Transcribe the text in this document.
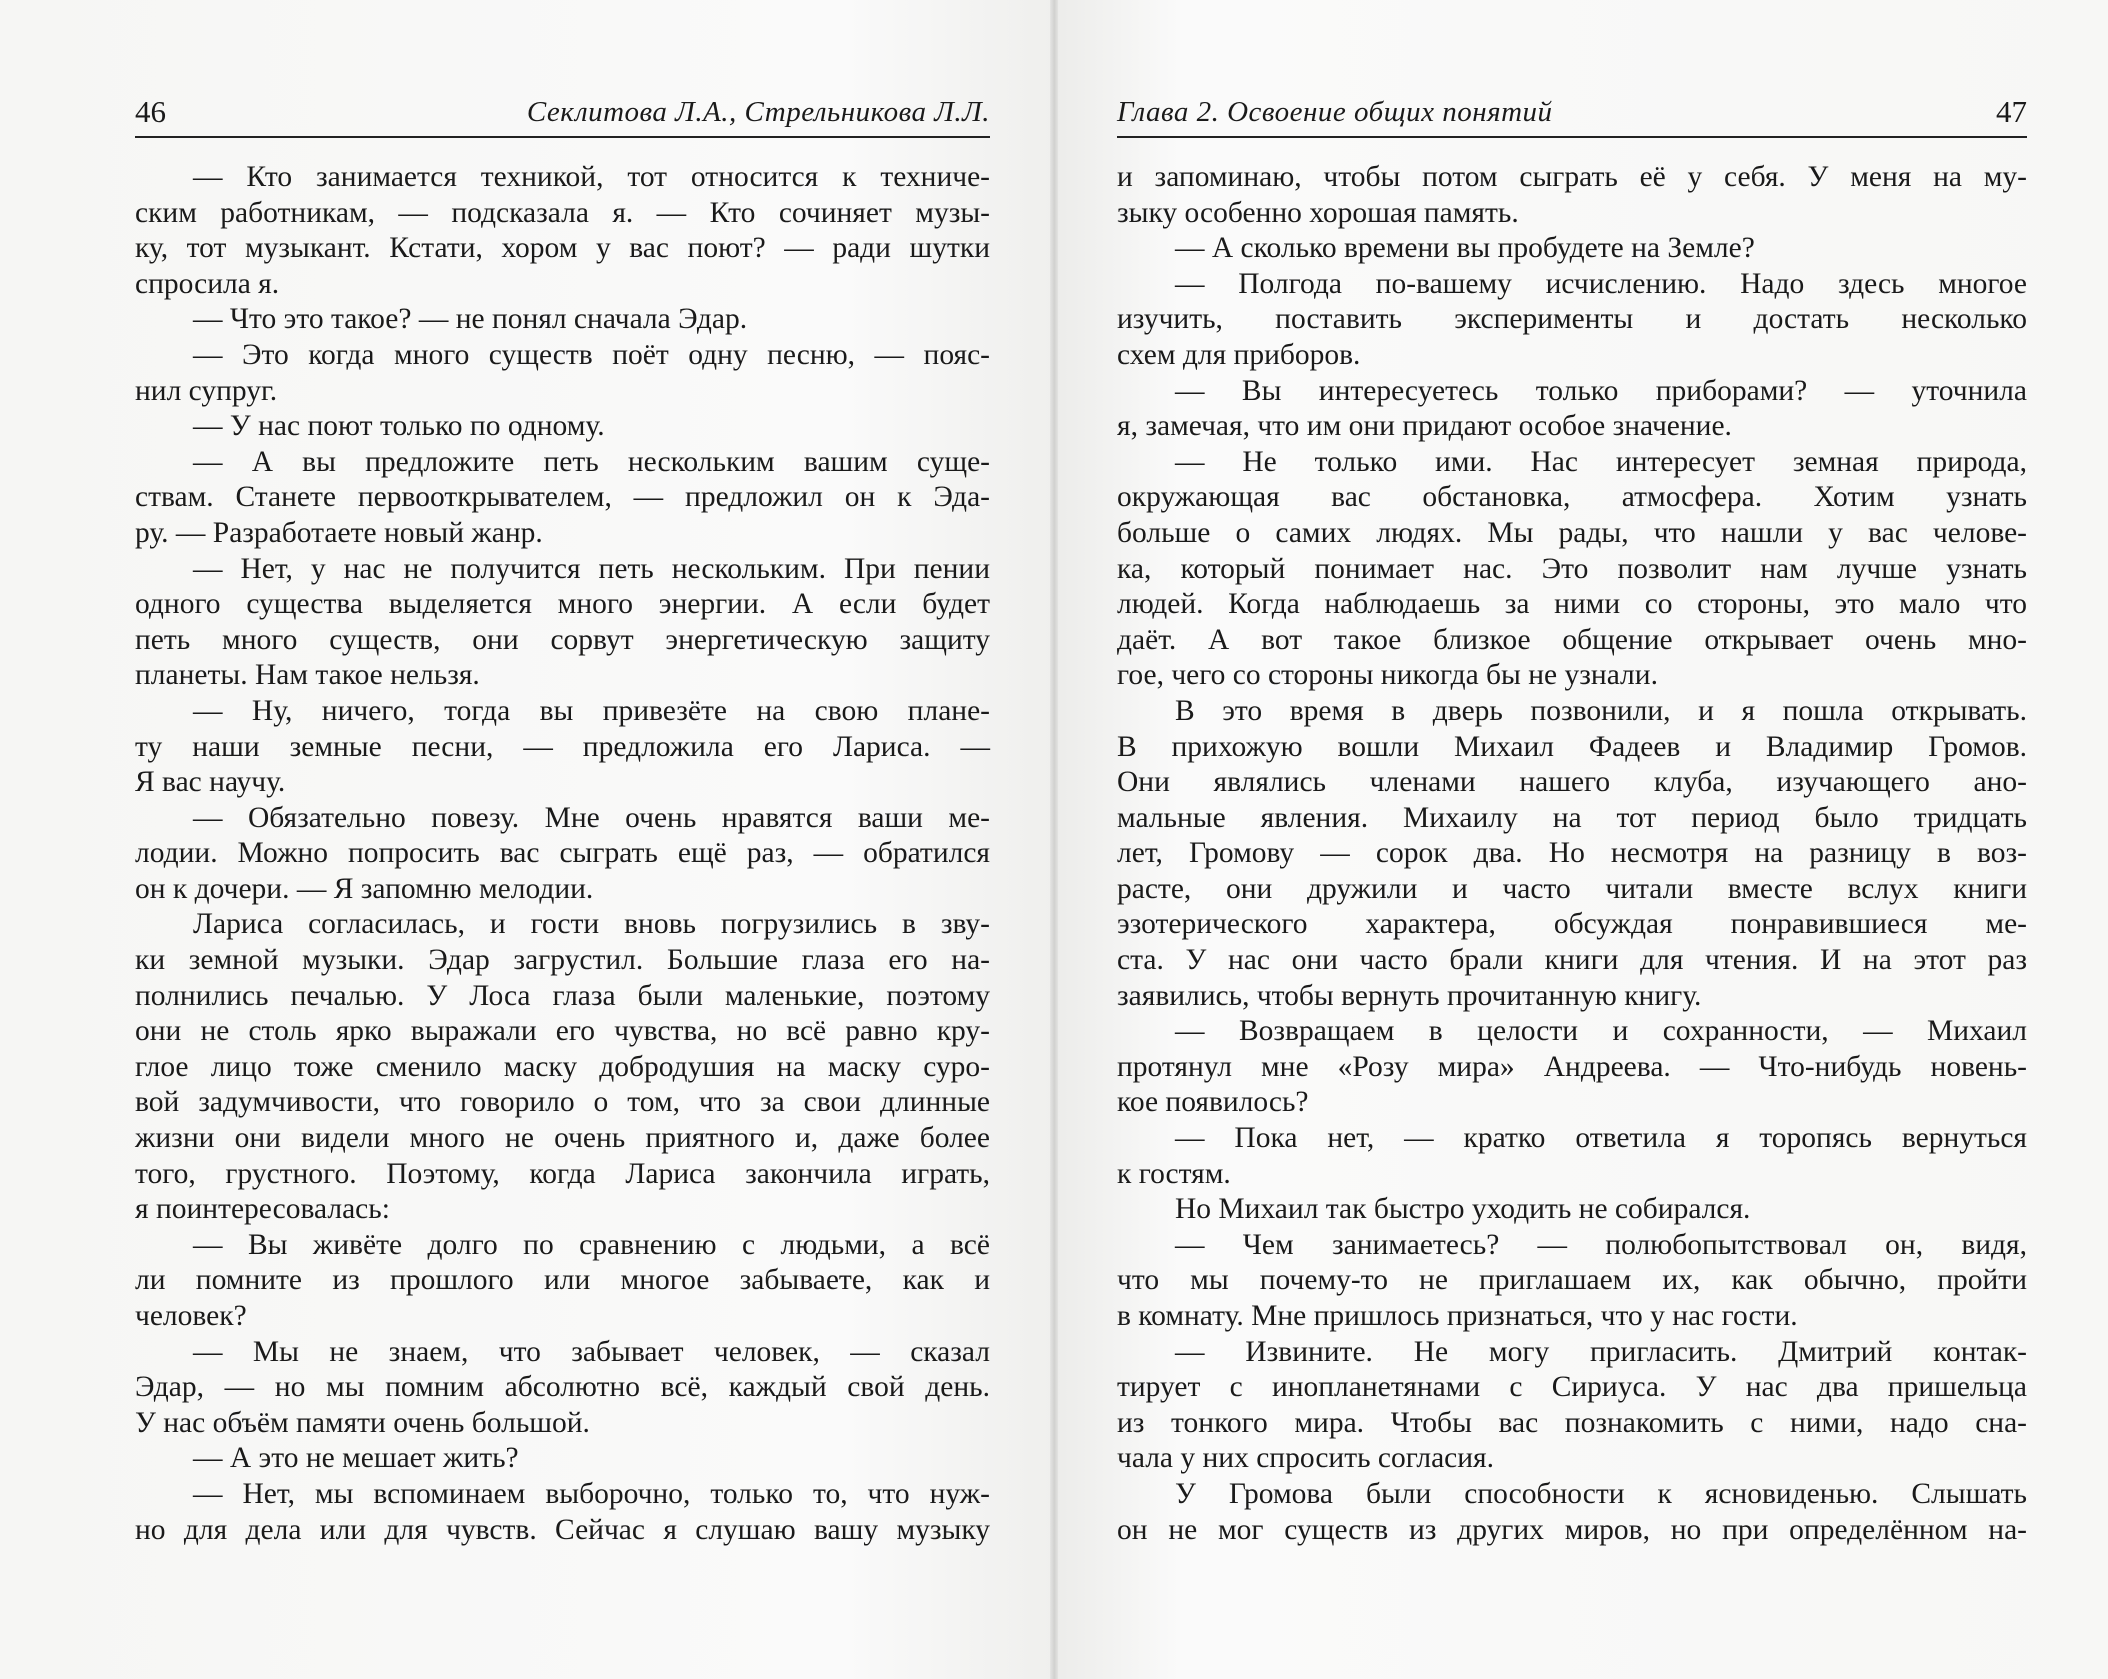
46	Секлитова Л.А., Стрельникова Л.Л.
— Кто занимается техникой, тот относится к техниче-
ским работникам, — подсказала я. — Кто сочиняет музы-
ку, тот музыкант. Кстати, хором у вас поют? — ради шутки
спросила я.
— Что это такое? — не понял сначала Эдар.
— Это когда много существ поёт одну песню, — пояс-
нил супруг.
— У нас поют только по одному.
— А вы предложите петь нескольким вашим суще-
ствам. Станете первооткрывателем, — предложил он к Эда-
ру. — Разработаете новый жанр.
— Нет, у нас не получится петь нескольким. При пении
одного существа выделяется много энергии. А если будет
петь много существ, они сорвут энергетическую защиту
планеты. Нам такое нельзя.
— Ну, ничего, тогда вы привезёте на свою плане-
ту наши земные песни, — предложила его Лариса. —
Я вас научу.
— Обязательно повезу. Мне очень нравятся ваши ме-
лодии. Можно попросить вас сыграть ещё раз, — обратился
он к дочери. — Я запомню мелодии.
Лариса согласилась, и гости вновь погрузились в зву-
ки земной музыки. Эдар загрустил. Большие глаза его на-
полнились печалью. У Лоса глаза были маленькие, поэтому
они не столь ярко выражали его чувства, но всё равно кру-
глое лицо тоже сменило маску добродушия на маску суро-
вой задумчивости, что говорило о том, что за свои длинные
жизни они видели много не очень приятного и, даже более
того, грустного. Поэтому, когда Лариса закончила играть,
я поинтересовалась:
— Вы живёте долго по сравнению с людьми, а всё
ли помните из прошлого или многое забываете, как и
человек?
— Мы не знаем, что забывает человек, — сказал
Эдар, — но мы помним абсолютно всё, каждый свой день.
У нас объём памяти очень большой.
— А это не мешает жить?
— Нет, мы вспоминаем выборочно, только то, что нуж-
но для дела или для чувств. Сейчас я слушаю вашу музыку
Глава 2. Освоение общих понятий	47
и запоминаю, чтобы потом сыграть её у себя. У меня на му-
зыку особенно хорошая память.
— А сколько времени вы пробудете на Земле?
— Полгода по-вашему исчислению. Надо здесь многое
изучить, поставить эксперименты и достать несколько
схем для приборов.
— Вы интересуетесь только приборами? — уточнила
я, замечая, что им они придают особое значение.
— Не только ими. Нас интересует земная природа,
окружающая вас обстановка, атмосфера. Хотим узнать
больше о самих людях. Мы рады, что нашли у вас челове-
ка, который понимает нас. Это позволит нам лучше узнать
людей. Когда наблюдаешь за ними со стороны, это мало что
даёт. А вот такое близкое общение открывает очень мно-
гое, чего со стороны никогда бы не узнали.
В это время в дверь позвонили, и я пошла открывать.
В прихожую вошли Михаил Фадеев и Владимир Громов.
Они являлись членами нашего клуба, изучающего ано-
мальные явления. Михаилу на тот период было тридцать
лет, Громову — сорок два. Но несмотря на разницу в воз-
расте, они дружили и часто читали вместе вслух книги
эзотерического характера, обсуждая понравившиеся ме-
ста. У нас они часто брали книги для чтения. И на этот раз
заявились, чтобы вернуть прочитанную книгу.
— Возвращаем в целости и сохранности, — Михаил
протянул мне «Розу мира» Андреева. — Что-нибудь новень-
кое появилось?
— Пока нет, — кратко ответила я торопясь вернуться
к гостям.
Но Михаил так быстро уходить не собирался.
— Чем занимаетесь? — полюбопытствовал он, видя,
что мы почему-то не приглашаем их, как обычно, пройти
в комнату. Мне пришлось признаться, что у нас гости.
— Извините. Не могу пригласить. Дмитрий контак-
тирует с инопланетянами с Сириуса. У нас два пришельца
из тонкого мира. Чтобы вас познакомить с ними, надо сна-
чала у них спросить согласия.
У Громова были способности к ясновиденью. Слышать
он не мог существ из других миров, но при определённом на-
